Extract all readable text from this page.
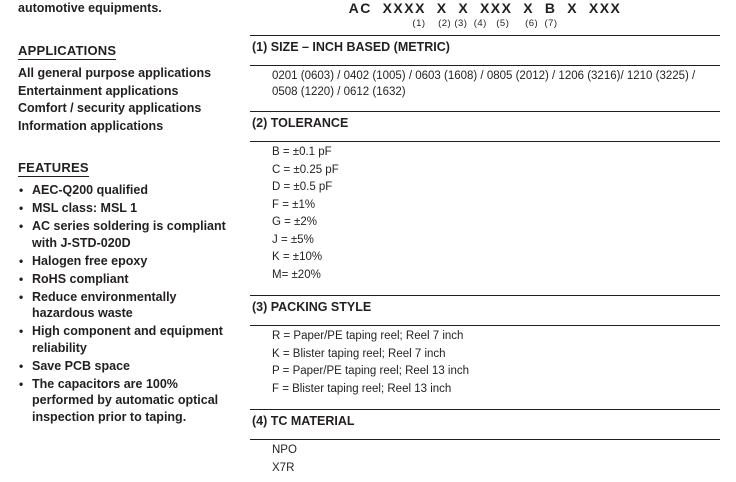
automotive equipments.
APPLICATIONS
All general purpose applications
Entertainment applications
Comfort / security applications
Information applications
FEATURES
• AEC-Q200 qualified
• MSL class: MSL 1
• AC series soldering is compliant with J-STD-020D
• Halogen free epoxy
• RoHS compliant
• Reduce environmentally hazardous waste
• High component and equipment reliability
• Save PCB space
• The capacitors are 100% performed by automatic optical inspection prior to taping.
AC  XXXX  X  X  XXX  X  B  X  XXX
(1)    (2) (3)  (4)   (5)     (6)  (7)
(1) SIZE – INCH BASED (METRIC)
0201 (0603) / 0402 (1005) / 0603 (1608) / 0805 (2012) / 1206 (3216)/ 1210 (3225) /
0508 (1220) / 0612 (1632)
(2) TOLERANCE
B = ±0.1 pF
C = ±0.25 pF
D = ±0.5 pF
F = ±1%
G = ±2%
J = ±5%
K = ±10%
M= ±20%
(3) PACKING STYLE
R = Paper/PE taping reel; Reel 7 inch
K = Blister taping reel; Reel 7 inch
P = Paper/PE taping reel; Reel 13 inch
F = Blister taping reel; Reel 13 inch
(4) TC MATERIAL
NPO
X7R
